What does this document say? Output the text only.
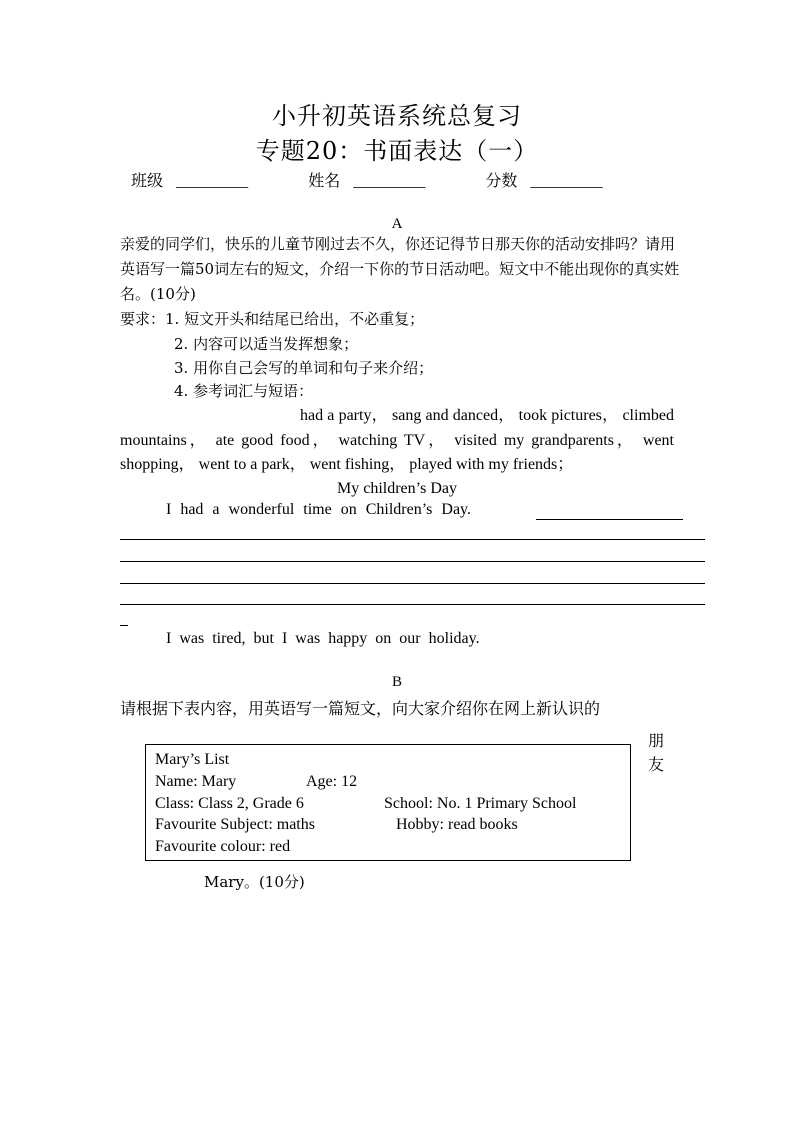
小升初英语系统总复习
专题20：书面表达（一）
班级 _________	姓名 _________	分数 _________
A
亲爱的同学们，快乐的儿童节刚过去不久，你还记得节日那天你的活动安排吗？请用英语写一篇50词左右的短文，介绍一下你的节日活动吧。短文中不能出现你的真实姓名。(10分)
要求：1. 短文开头和结尾已给出，不必重复；
2. 内容可以适当发挥想象；
3. 用你自己会写的单词和句子来介绍；
4. 参考词汇与短语：
had a party， sang and danced， took pictures， climbed mountains， ate good food， watching TV， visited my grandparents， went shopping， went to a park， went fishing， played with my friends；
My children’s Day
I had a wonderful time on Children’s Day.
I was tired, but I was happy on our holiday.
B
请根据下表内容，用英语写一篇短文，向大家介绍你在网上新认识的
朋友
Mary’s List
Name: Mary	Age: 12
Class: Class 2, Grade 6	School: No. 1 Primary School
Favourite Subject: maths	Hobby: read books
Favourite colour: red
Mary。(10分)
